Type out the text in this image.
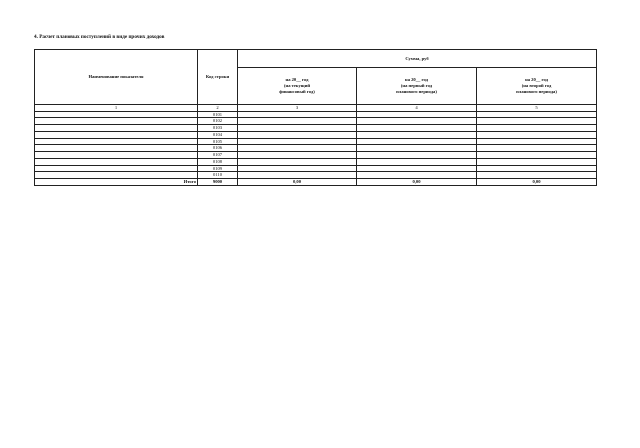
4. Расчет плановых поступлений в виде прочих доходов
Наименование показателя	Код строки	Сумма, руб		
		на 20__ год
(на текущий
финансовый год)	на 20__ год
(на первый год
планового периода)	на 20__ год
(на второй год
планового периода)
1	2	3	4	5
	0101			
	0102			
	0103			
	0104			
	0105			
	0106			
	0107			
	0108			
	0109			
	0110			
Итого	9000	0,00	0,00	0,00
